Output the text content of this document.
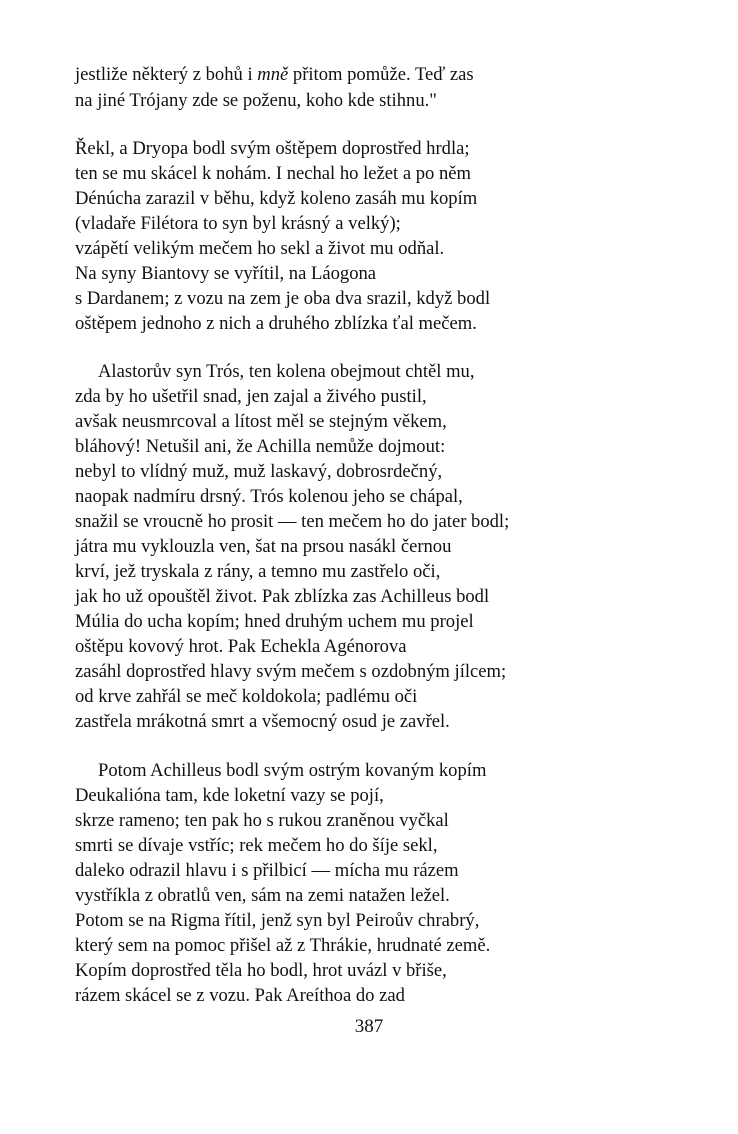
jestliže některý z bohů i mně přitom pomůže. Teď zas
na jiné Trójany zde se poženu, koho kde stihnu."
Řekl, a Dryopa bodl svým oštěpem doprostřed hrdla;
ten se mu skácel k nohám. I nechal ho ležet a po něm
Dénúcha zarazil v běhu, když koleno zasáh mu kopím
(vladaře Filétora to syn byl krásný a velký);
vzápětí velikým mečem ho sekl a život mu odňal.
Na syny Biantovy se vyřítil, na Láogona
s Dardanem; z vozu na zem je oba dva srazil, když bodl
oštěpem jednoho z nich a druhého zblízka ťal mečem.
Alastorův syn Trós, ten kolena obejmout chtěl mu,
zda by ho ušetřil snad, jen zajal a živého pustil,
avšak neusmrcoval a lítost měl se stejným věkem,
bláhový! Netušil ani, že Achilla nemůže dojmout:
nebyl to vlídný muž, muž laskavý, dobrosrdečný,
naopak nadmíru drsný. Trós kolenou jeho se chápal,
snažil se vroucně ho prosit — ten mečem ho do jater bodl;
játra mu vyklouzla ven, šat na prsou nasákl černou
krví, jež tryskala z rány, a temno mu zastřelo oči,
jak ho už opouštěl život. Pak zblízka zas Achilleus bodl
Múlia do ucha kopím; hned druhým uchem mu projel
oštěpu kovový hrot. Pak Echekla Agénorova
zasáhl doprostřed hlavy svým mečem s ozdobným jílcem;
od krve zahřál se meč koldokola; padlému oči
zastřela mrákotná smrt a všemocný osud je zavřel.
Potom Achilleus bodl svým ostrým kovaným kopím
Deukalióna tam, kde loketní vazy se pojí,
skrze rameno; ten pak ho s rukou zraněnou vyčkal
smrti se dívaje vstříc; rek mečem ho do šíje sekl,
daleko odrazil hlavu i s přilbicí — mícha mu rázem
vystříkla z obratlů ven, sám na zemi natažen ležel.
Potom se na Rigma řítil, jenž syn byl Peiroův chrabrý,
který sem na pomoc přišel až z Thrákie, hrudnaté země.
Kopím doprostřed těla ho bodl, hrot uvázl v břiše,
rázem skácel se z vozu. Pak Areíthoa do zad
387
